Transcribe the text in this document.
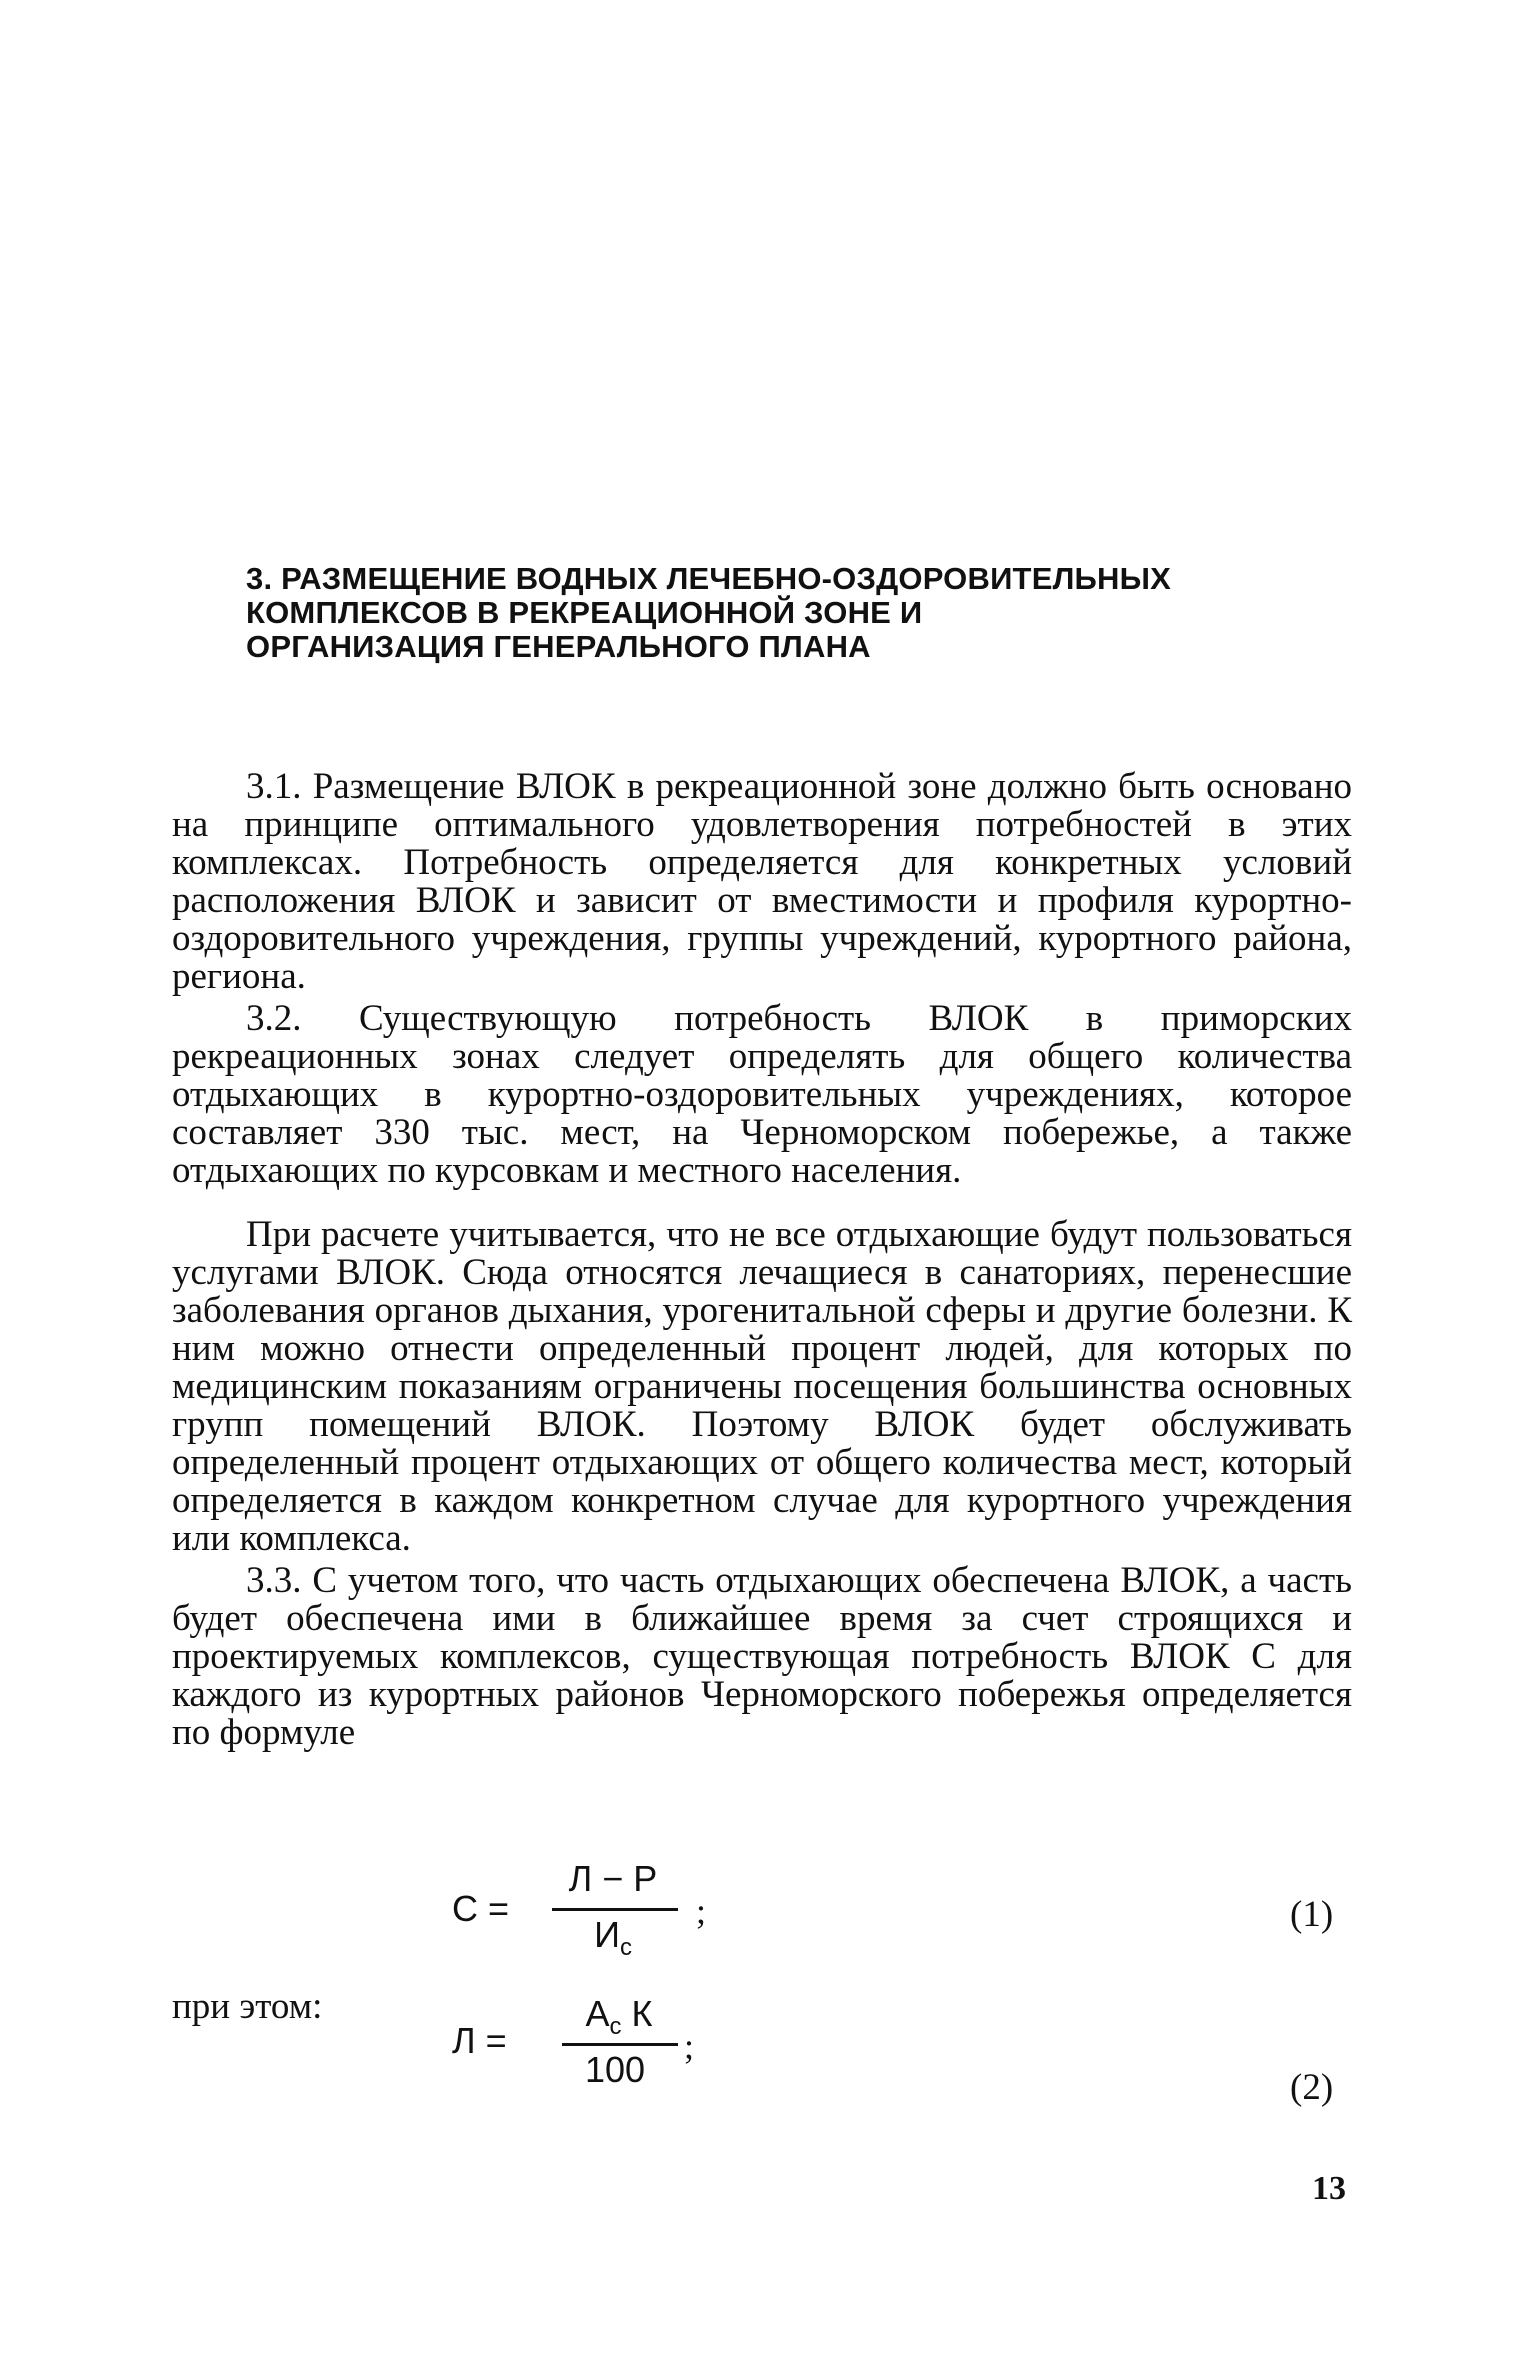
3. РАЗМЕЩЕНИЕ ВОДНЫХ ЛЕЧЕБНО-ОЗДОРОВИТЕЛЬНЫХ
КОМПЛЕКСОВ В РЕКРЕАЦИОННОЙ ЗОНЕ И
ОРГАНИЗАЦИЯ ГЕНЕРАЛЬНОГО ПЛАНА

3.1. Размещение ВЛОК в рекреационной зоне должно быть основано на принципе оптимального удовлетворения потребностей в этих комплексах. Потребность определяется для конкретных условий расположения ВЛОК и зависит от вместимости и профиля курортно-оздоровительного учреждения, группы учреждений, курортного района, региона.

3.2. Существующую потребность ВЛОК в приморских рекреационных зонах следует определять для общего количества отдыхающих в курортно-оздоровительных учреждениях, которое составляет 330 тыс. мест, на Черноморском побережье, а также отдыхающих по курсовкам и местного населения.

При расчете учитывается, что не все отдыхающие будут пользоваться услугами ВЛОК. Сюда относятся лечащиеся в санаториях, перенесшие заболевания органов дыхания, урогенитальной сферы и другие болезни. К ним можно отнести определенный процент людей, для которых по медицинским показаниям ограничены посещения большинства основных групп помещений ВЛОК. Поэтому ВЛОК будет обслуживать определенный процент отдыхающих от общего количества мест, который определяется в каждом конкретном случае для курортного учреждения или комплекса.

3.3. С учетом того, что часть отдыхающих обеспечена ВЛОК, а часть будет обеспечена ими в ближайшее время за счет строящихся и проектируемых комплексов, существующая потребность ВЛОК С для каждого из курортных районов Черноморского побережья определяется по формуле

С =
Л − Р
$И_с$
;	(1)
при этом:
Л =
$А_с$ К
100
;
(2)
13
